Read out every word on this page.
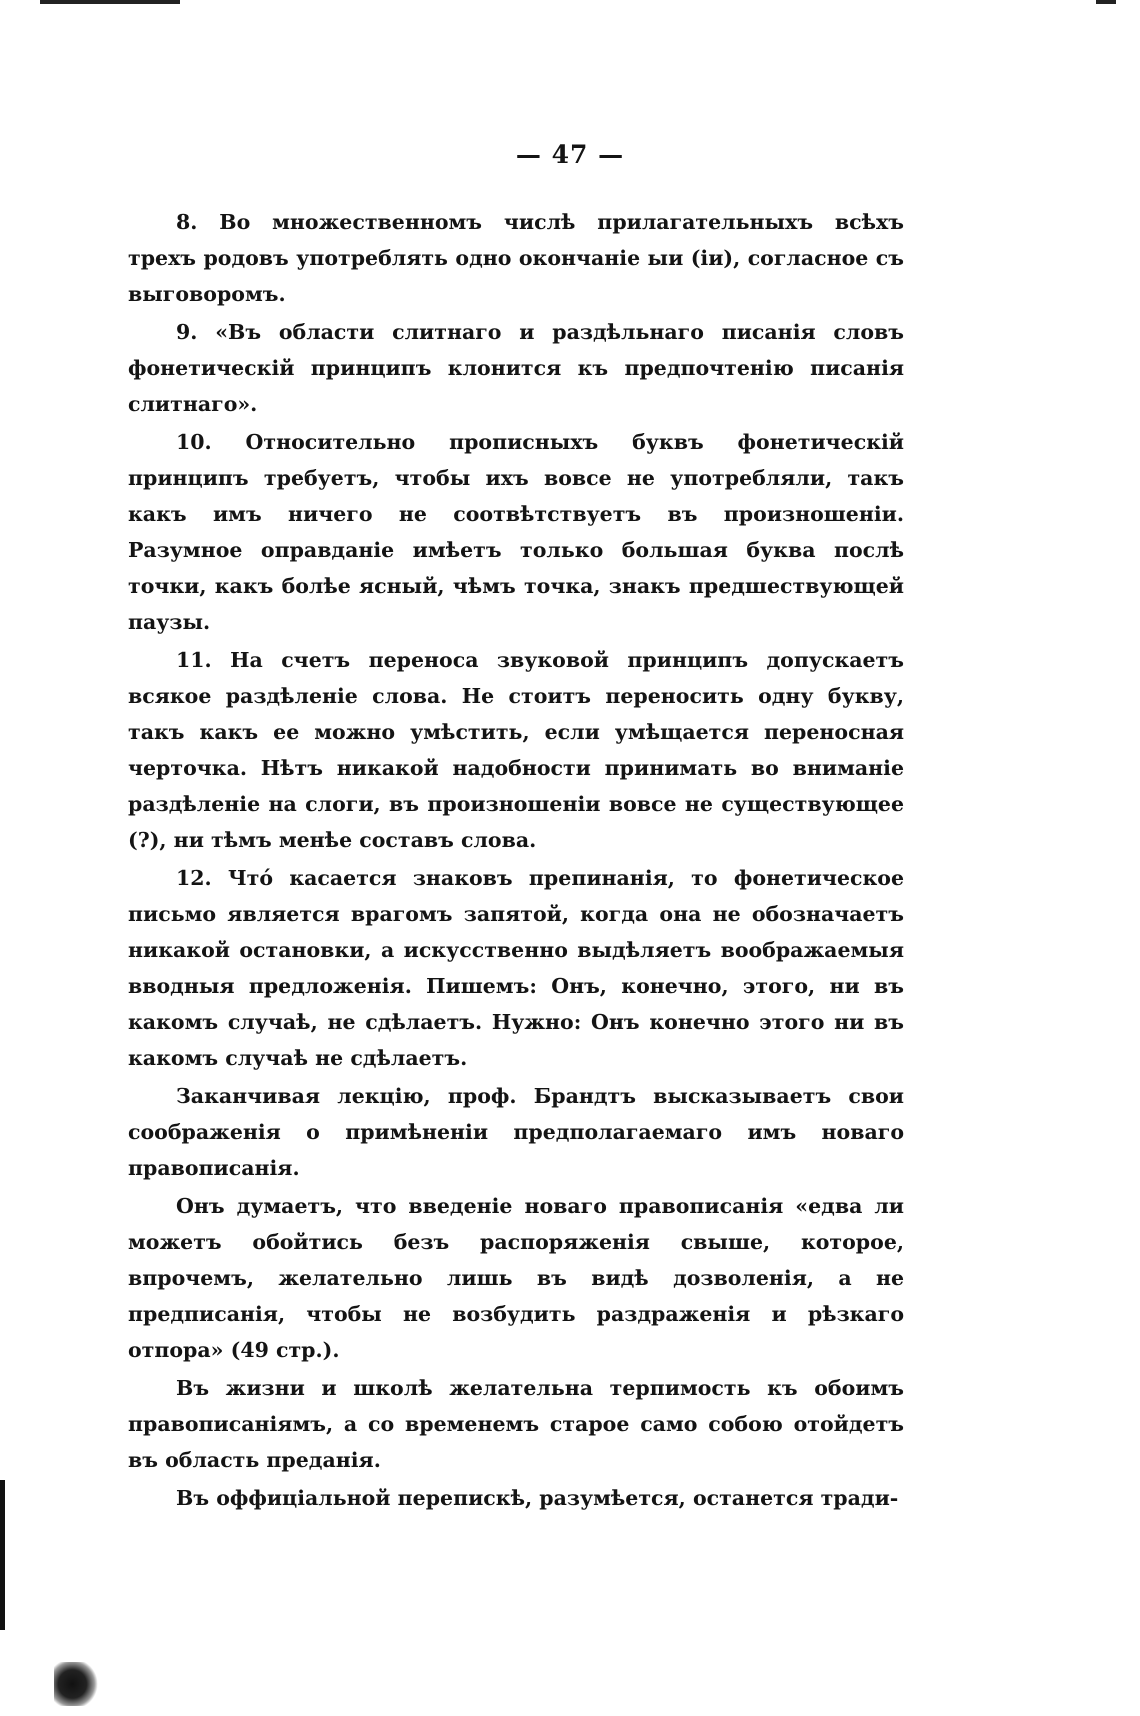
— 47 —

8. Во множественномъ числѣ прилагательныхъ всѣхъ трехъ родовъ употреблять одно окончаніе ыи (іи), согласное съ выговоромъ.

9. «Въ области слитнаго и раздѣльнаго писанія словъ фонетическій принципъ клонится къ предпочтенію писанія слитнаго».

10. Относительно прописныхъ буквъ фонетическій принципъ требуетъ, чтобы ихъ вовсе не употребляли, такъ какъ имъ ничего не соотвѣтствуетъ въ произношеніи. Разумное оправданіе имѣетъ только большая буква послѣ точки, какъ болѣе ясный, чѣмъ точка, знакъ предшествующей паузы.

11. На счетъ переноса звуковой принципъ допускаетъ всякое раздѣленіе слова. Не стоитъ переносить одну букву, такъ какъ ее можно умѣстить, если умѣщается переносная черточка. Нѣтъ никакой надобности принимать во вниманіе раздѣленіе на слоги, въ произношеніи вовсе не существующее (?), ни тѣмъ менѣе составъ слова.

12. Чтó касается знаковъ препинанія, то фонетическое письмо является врагомъ запятой, когда она не обозначаетъ никакой остановки, а искусственно выдѣляетъ воображаемыя вводныя предложенія. Пишемъ: Онъ, конечно, этого, ни въ какомъ случаѣ, не сдѣлаетъ. Нужно: Онъ конечно этого ни въ какомъ случаѣ не сдѣлаетъ.

Заканчивая лекцію, проф. Брандтъ высказываетъ свои соображенія о примѣненіи предполагаемаго имъ новаго правописанія.

Онъ думаетъ, что введеніе новаго правописанія «едва ли можетъ обойтись безъ распоряженія свыше, которое, впрочемъ, желательно лишь въ видѣ дозволенія, а не предписанія, чтобы не возбудить раздраженія и рѣзкаго отпора» (49 стр.).

Въ жизни и школѣ желательна терпимость къ обоимъ правописаніямъ, а со временемъ старое само собою отойдетъ въ область преданія.

Въ оффиціальной перепискѣ, разумѣется, останется тради-
